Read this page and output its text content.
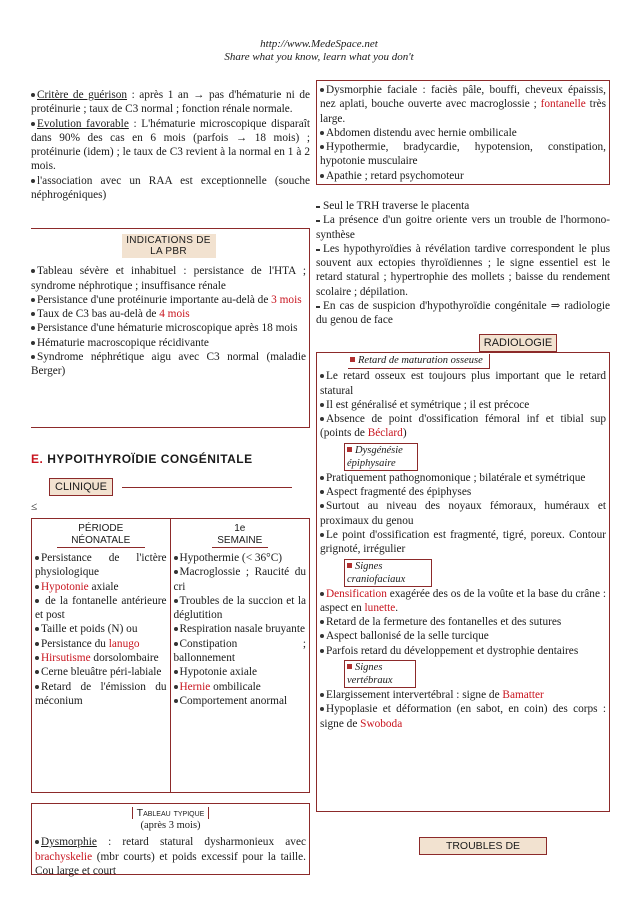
http://www.MedeSpace.net
Share what you know, learn what you don't

Critère de guérison : après 1 an → pas d'hématurie ni de protéinurie ; taux de C3 normal ; fonction rénale normale.

Evolution favorable : L'hématurie microscopique disparaît dans 90% des cas en 6 mois (parfois → 18 mois) ; protéinurie (idem) ; le taux de C3 revient à la normal en 1 à 2 mois.

l'association avec un RAA est exceptionnelle (souche néphrogéniques)

INDICATIONS DE LA PBR

Tableau sévère et inhabituel : persistance de l'HTA ; syndrome néphrotique ; insuffisance rénale

Persistance d'une protéinurie importante au-delà de 3 mois

Taux de C3 bas au-delà de 4 mois

Persistance d'une hématurie microscopique après 18 mois

Hématurie macroscopique récidivante

Syndrome néphrétique aigu avec C3 normal (maladie Berger)

E. HYPOITHYROÏDIE CONGÉNITALE
CLINIQUE
≤
PÉRIODE NÉONATALE

Persistance de l'ictère physiologique

Hypotonie axiale

de la fontanelle antérieure et post

Taille et poids (N) ou

Persistance du lanugo

Hirsutisme dorsolombaire

Cerne bleuâtre péri-labiale

Retard de l'émission du méconium

1e SEMAINE

Hypothermie (< 36°C)

Macroglossie ; Raucité du cri

Troubles de la succion et la déglutition

Respiration nasale bruyante

Constipation ; ballonnement

Hypotonie axiale

Hernie ombilicale

Comportement anormal

Tableau typique
(après 3 mois)

Dysmorphie : retard statural dysharmonieux avec brachyskelie (mbr courts) et poids excessif pour la taille. Cou large et court

Dysmorphie faciale : faciès pâle, bouffi, cheveux épaissis, nez aplati, bouche ouverte avec macroglossie ; fontanelle très large.

Abdomen distendu avec hernie ombilicale

Hypothermie, bradycardie, hypotension, constipation, hypotonie musculaire

Apathie ; retard psychomoteur

Seul le TRH traverse le placenta

La présence d'un goitre oriente vers un trouble de l'hormono-synthèse

Les hypothyroïdies à révélation tardive correspondent le plus souvent aux ectopies thyroïdiennes ; le signe essentiel est le retard statural ; hypertrophie des mollets ; baisse du rendement scolaire ; dépilation.

En cas de suspicion d'hypothyroïdie congénitale ⇒ radiologie du genou de face

RADIOLOGIE
Retard de maturation osseuse

Le retard osseux est toujours plus important que le retard statural

Il est généralisé et symétrique ; il est précoce

Absence de point d'ossification fémoral inf et tibial sup (points de Béclard)

Dysgénésie épiphysaire

Pratiquement pathognomonique ; bilatérale et symétrique

Aspect fragmenté des épiphyses

Surtout au niveau des noyaux fémoraux, huméraux et proximaux du genou

Le point d'ossification est fragmenté, tigré, poreux. Contour grignoté, irrégulier

Signes craniofaciaux

Densification exagérée des os de la voûte et la base du crâne : aspect en lunette.

Retard de la fermeture des fontanelles et des sutures

Aspect ballonisé de la selle turcique

Parfois retard du développement et dystrophie dentaires

Signes vertébraux

Elargissement intervertébral : signe de Bamatter

Hypoplasie et déformation (en sabot, en coin) des corps : signe de Swoboda

TROUBLES DE
